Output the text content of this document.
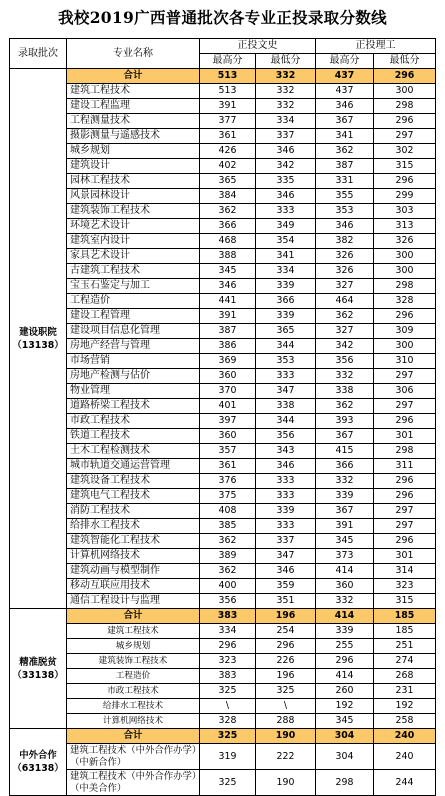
我校2019广西普通批次各专业正投录取分数线
录取批次	专业名称	正投文史		正投理工	
		最高分	最低分	最高分	最低分

建设职院
（13138）	合计	513	332	437	296
	建筑工程技术	513	332	437	300
	建设工程监理	391	332	346	298
	工程测量技术	377	334	367	296
	摄影测量与遥感技术	361	337	341	297
	城乡规划	426	346	362	302
	建筑设计	402	342	387	315
	园林工程技术	365	335	331	296
	风景园林设计	384	346	355	299
	建筑装饰工程技术	362	333	353	303
	环境艺术设计	366	349	346	313
	建筑室内设计	468	354	382	326
	家具艺术设计	388	341	326	300
	古建筑工程技术	345	334	326	300
	宝玉石鉴定与加工	346	339	327	298
	工程造价	441	366	464	328
	建设工程管理	391	339	362	296
	建设项目信息化管理	387	365	327	309
	房地产经营与管理	386	344	342	300
	市场营销	369	353	356	310
	房地产检测与估价	360	333	332	297
	物业管理	370	347	338	306
	道路桥梁工程技术	401	338	362	297
	市政工程技术	397	344	393	296
	铁道工程技术	360	356	367	301
	土木工程检测技术	357	343	415	298
	城市轨道交通运营管理	361	346	366	311
	建筑设备工程技术	376	333	332	296
	建筑电气工程技术	375	333	339	296
	消防工程技术	408	339	367	297
	给排水工程技术	385	333	391	297
	建筑智能化工程技术	362	337	345	296
	计算机网络技术	389	347	373	301
	建筑动画与模型制作	362	346	414	314
	移动互联应用技术	400	359	360	323
	通信工程设计与监理	356	351	332	315

精准脱贫
（33138）	合计	383	196	414	185
	建筑工程技术	334	254	339	185
	城乡规划	296	296	255	251
	建筑装饰工程技术	323	226	296	274
	工程造价	383	196	414	268
	市政工程技术	325	325	260	231
	给排水工程技术	\	\	192	192
	计算机网络技术	328	288	345	258

中外合作
（63138）	合计	325	190	304	240
	建筑工程技术（中外合作办学）（中新合作）	319	222	304	240
	建筑工程技术（中外合作办学）（中美合作）	325	190	298	244
